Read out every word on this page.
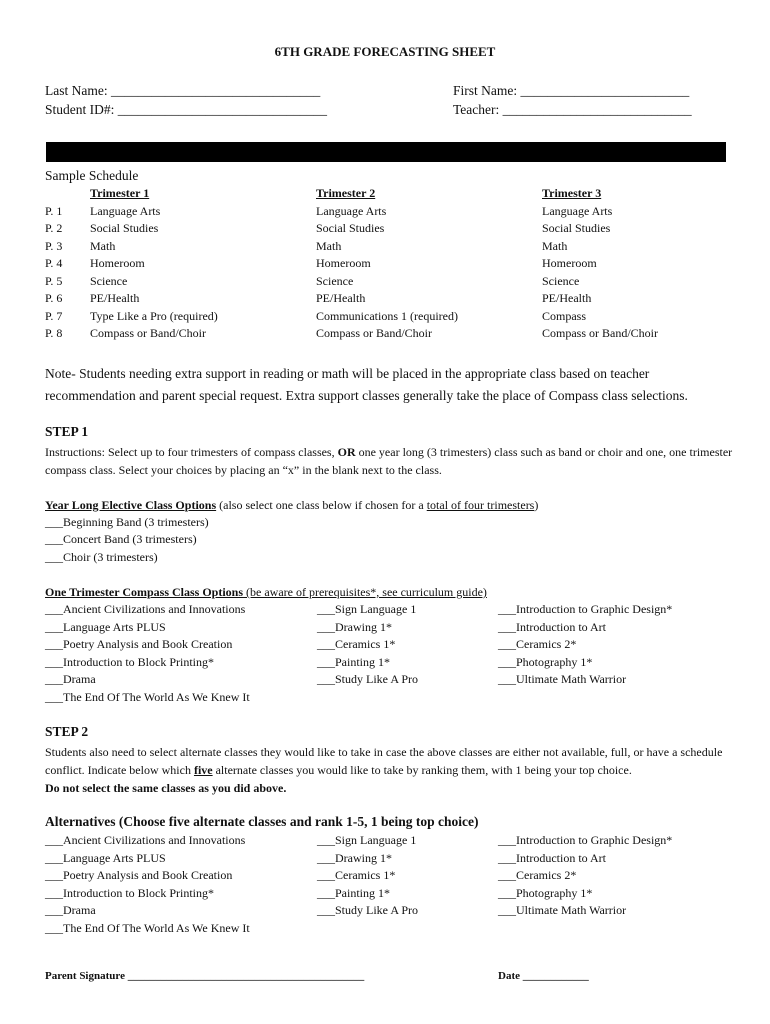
6TH GRADE FORECASTING SHEET
Last Name: _______________________________
Student ID#: _______________________________
First Name: _________________________
Teacher: ____________________________
Sample Schedule
	Trimester 1	Trimester 2	Trimester 3
P. 1	Language Arts	Language Arts	Language Arts
P. 2	Social Studies	Social Studies	Social Studies
P. 3	Math	Math	Math
P. 4	Homeroom	Homeroom	Homeroom
P. 5	Science	Science	Science
P. 6	PE/Health	PE/Health	PE/Health
P. 7	Type Like a Pro (required)	Communications 1 (required)	Compass
P. 8	Compass or Band/Choir	Compass or Band/Choir	Compass or Band/Choir
Note- Students needing extra support in reading or math will be placed in the appropriate class based on teacher recommendation and parent special request. Extra support classes generally take the place of Compass class selections.
STEP 1
Instructions: Select up to four trimesters of compass classes, OR one year long (3 trimesters) class such as band or choir and one, one trimester compass class. Select your choices by placing an “x” in the blank next to the class.
Year Long Elective Class Options (also select one class below if chosen for a total of four trimesters)
___Beginning Band (3 trimesters)
___Concert Band (3 trimesters)
___Choir (3 trimesters)
One Trimester Compass Class Options (be aware of prerequisites*, see curriculum guide)
___Ancient Civilizations and Innovations
___Language Arts PLUS
___Poetry Analysis and Book Creation
___Introduction to Block Printing*
___Drama
___The End Of The World As We Knew It
___Sign Language 1
___Drawing 1*
___Ceramics 1*
___Painting 1*
___Study Like A Pro
___Introduction to Graphic Design*
___Introduction to Art
___Ceramics 2*
___Photography 1*
___Ultimate Math Warrior
STEP 2
Students also need to select alternate classes they would like to take in case the above classes are either not available, full, or have a schedule conflict. Indicate below which five alternate classes you would like to take by ranking them, with 1 being your top choice.
Do not select the same classes as you did above.
Alternatives (Choose five alternate classes and rank 1-5, 1 being top choice)
___Ancient Civilizations and Innovations
___Language Arts PLUS
___Poetry Analysis and Book Creation
___Introduction to Block Printing*
___Drama
___The End Of The World As We Knew It
___Sign Language 1
___Drawing 1*
___Ceramics 1*
___Painting 1*
___Study Like A Pro
___Introduction to Graphic Design*
___Introduction to Art
___Ceramics 2*
___Photography 1*
___Ultimate Math Warrior
Parent Signature ___________________________________________	Date ____________
